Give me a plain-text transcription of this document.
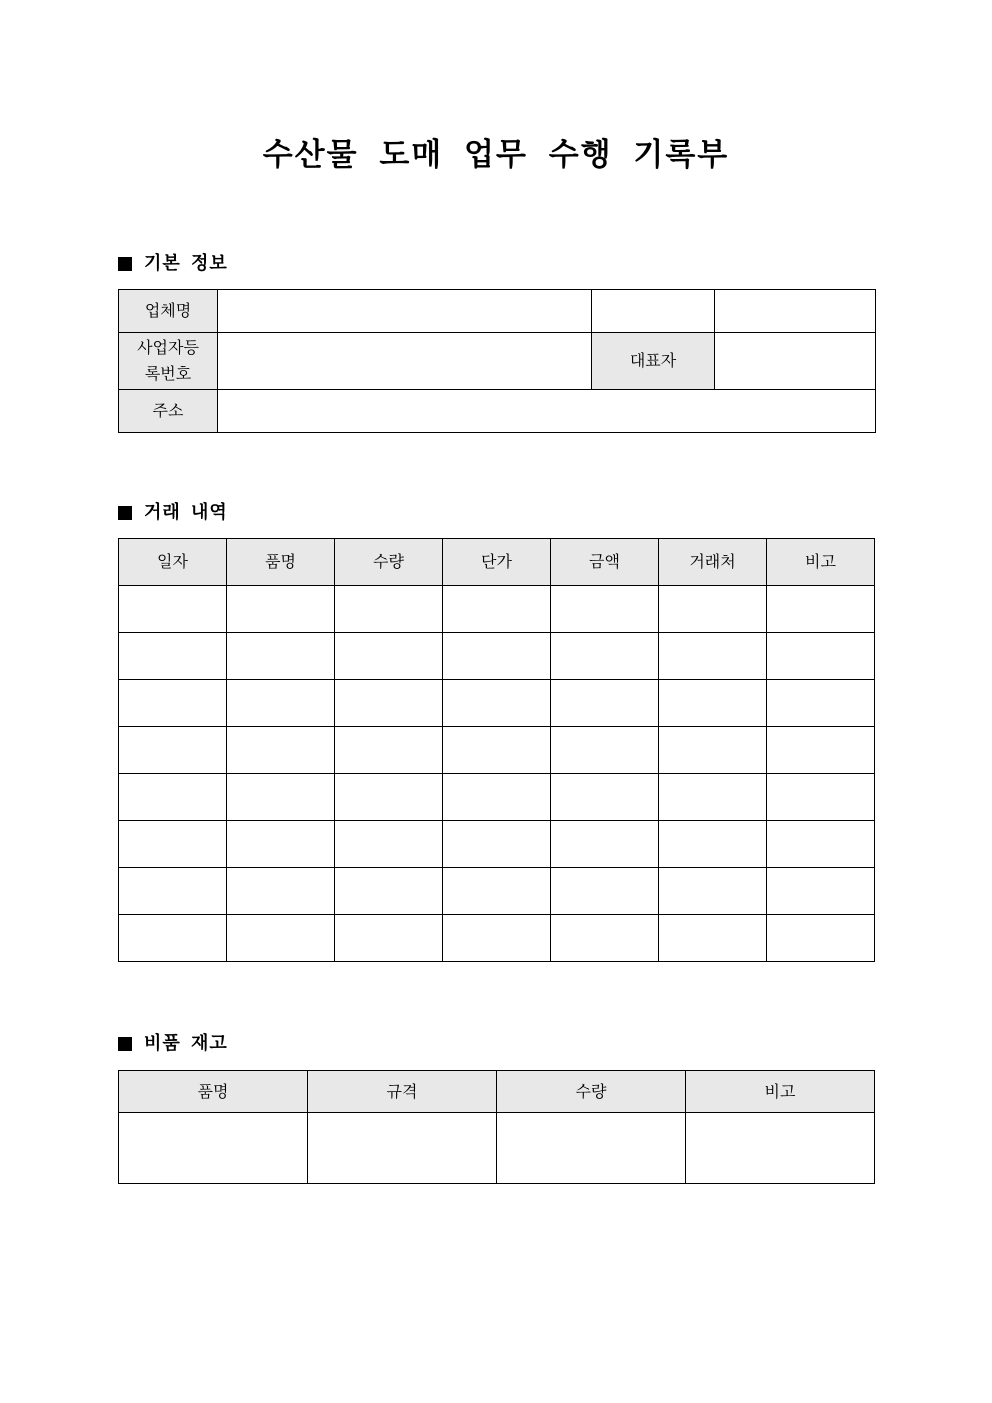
수산물 도매 업무 수행 기록부
기본 정보
업체명			

사업자등
록번호		대표자	
주소			
거래 내역
일자	품명	수량	단가	금액	거래처	비고

비품 재고
품명	규격	수량	비고
